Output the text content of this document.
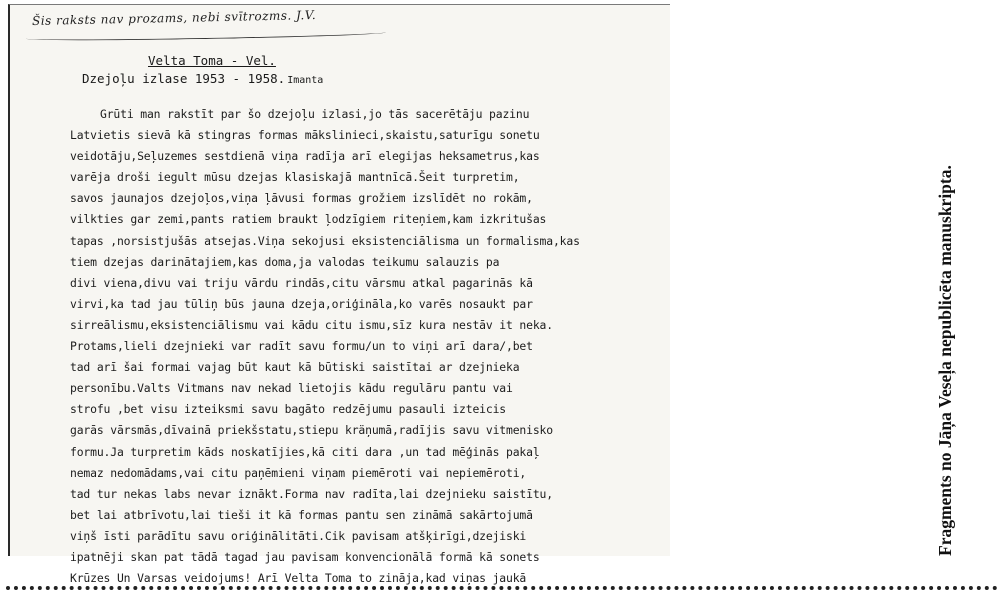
Šis raksts nav prozams, nebi svītrozms. J.V.
Velta Toma - Vel.
Dzejoļu izlase 1953 - 1958. Imanta
Grūti man rakstīt par šo dzejoļu izlasi,jo tās sacerētāju pazinu
Latvietis sievā kā stingras formas mākslinieci,skaistu,saturīgu sonetu
veidotāju,Seļuzemes sestdienā viņa radīja arī elegijas heksametrus,kas
varēja droši iegult mūsu dzejas klasiskajā mantnīcā.Šeit turpretim,
savos jaunajos dzejoļos,viņa ļāvusi formas grožiem izslīdēt no rokām,
vilkties gar zemi,pants ratiem braukt ļodzīgiem riteņiem,kam izkritušas
tapas ,norsistjušās atsejas.Viņa sekojusi eksistenciālisma un formalisma,kas
tiem dzejas darinātajiem,kas doma,ja valodas teikumu salauzis pa
divi viena,divu vai triju vārdu rindās,citu vārsmu atkal pagarinās kā
virvi,ka tad jau tūliņ būs jauna dzeja,oriģināla,ko varēs nosaukt par
sirreālismu,eksistenciālismu vai kādu citu ismu,sīz kura nestāv it neka.
Protams,lieli dzejnieki var radīt savu formu/un to viņi arī dara/,bet
tad arī šai formai vajag būt kaut kā būtiski saistītai ar dzejnieka
personību.Valts Vitmans nav nekad lietojis kādu regulāru pantu vai
strofu ,bet visu izteiksmi savu bagāto redzējumu pasauli izteicis
garās vārsmās,dīvainā priekšstatu,stiepu kräņumā,radījis savu vitmenisko
formu.Ja turpretim kāds noskatījies,kā citi dara ,un tad mēģinās pakaļ
nemaz nedomādams,vai citu paņēmieni viņam piemēroti vai nepiemēroti,
tad tur nekas labs nevar iznākt.Forma nav radīta,lai dzejnieku saistītu,
bet lai atbrīvotu,lai tieši it kā formas pantu sen zināmā sakārtojumā
viņš īsti parādītu savu oriģinālitāti.Cik pavisam atšķirīgi,dzejiski
ipatnēji skan pat tādā tagad jau pavisam konvencionālā formā kā sonets
Krūzes Un Varsas veidojums! Arī Velta Toma to zināja,kad viņas jaukā
Fragments no Jāņa Veseļa nepublicēta manuskripta.
